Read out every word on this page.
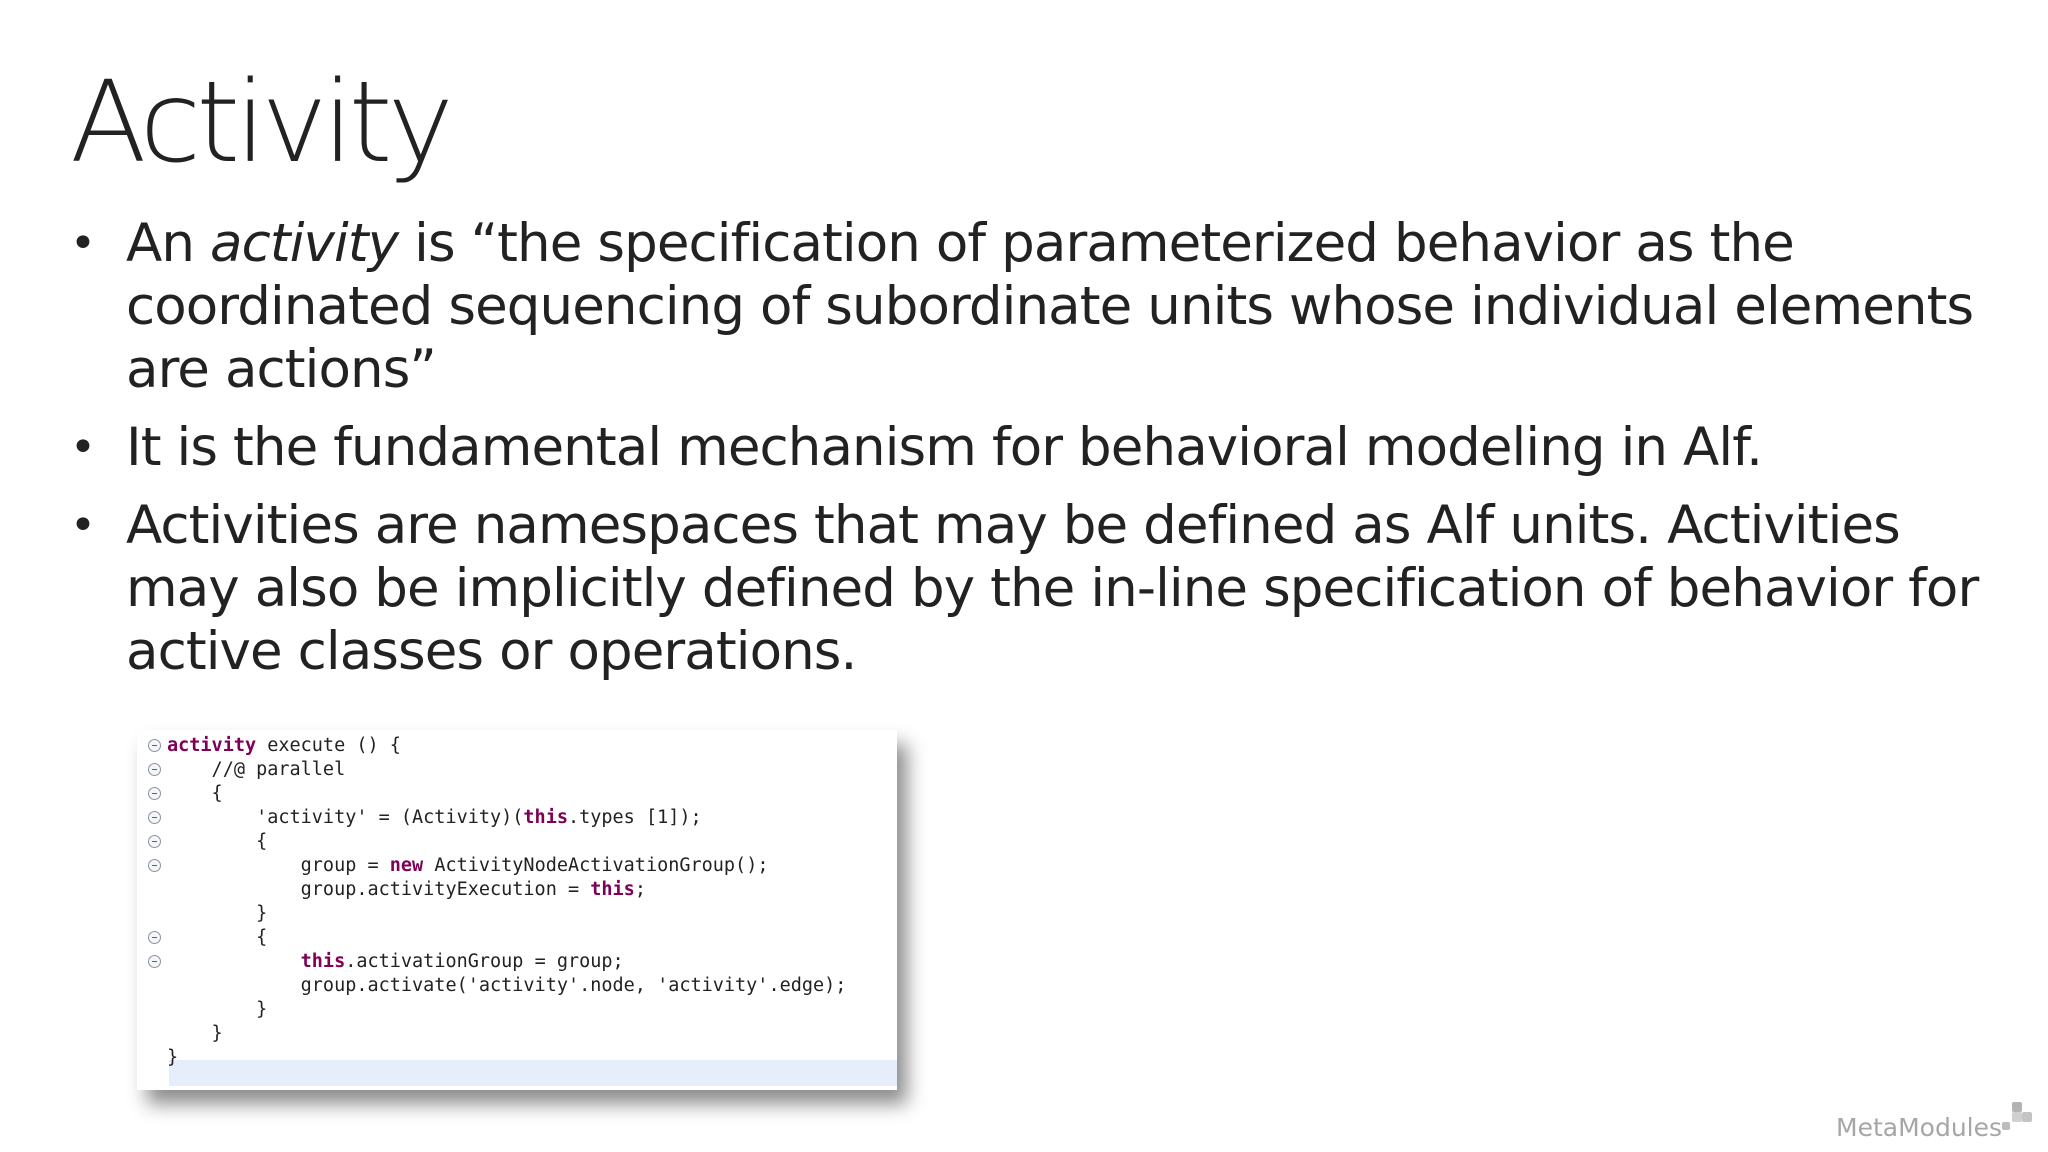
Activity
• An activity is “the specification of parameterized behavior as the coordinated sequencing of subordinate units whose individual elements are actions”
• It is the fundamental mechanism for behavioral modeling in Alf.
• Activities are namespaces that may be defined as Alf units. Activities may also be implicitly defined by the in-line specification of behavior for active classes or operations.
activity execute () {
//@ parallel
{
'activity' = (Activity)(this.types [1]);
{
group = new ActivityNodeActivationGroup();
group.activityExecution = this;
}
{
this.activationGroup = group;
group.activate('activity'.node, 'activity'.edge);
}
}
}
MetaModules
